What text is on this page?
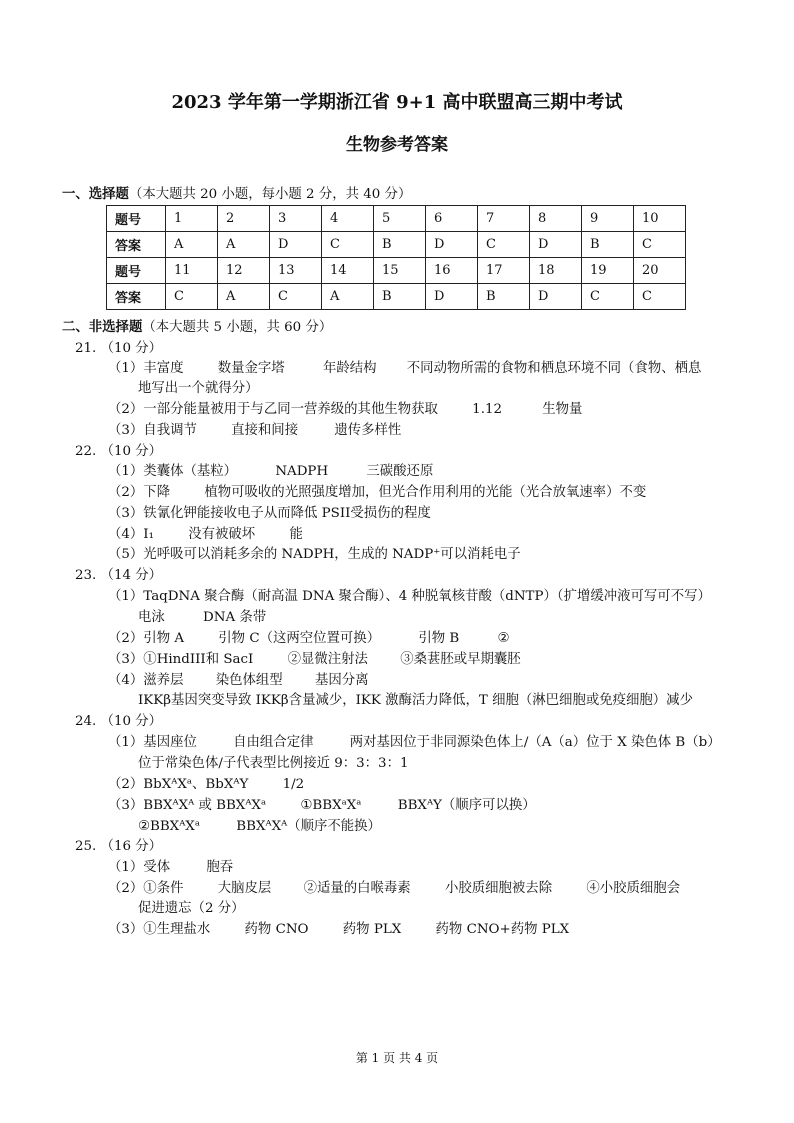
2023 学年第一学期浙江省 9+1 高中联盟高三期中考试
生物参考答案
一、选择题（本大题共 20 小题，每小题 2 分，共 40 分）
题号	1	2	3	4	5	6	7	8	9	10
答案	A	A	D	C	B	D	C	D	B	C
题号	11	12	13	14	15	16	17	18	19	20
答案	C	A	C	A	B	D	B	D	C	C
二、非选择题（本大题共 5 小题，共 60 分）
21. （10 分）
（1）丰富度	数量金字塔	年龄结构 不同动物所需的食物和栖息环境不同（食物、栖息
地写出一个就得分）
（2）一部分能量被用于与乙同一营养级的其他生物获取	1.12	生物量
（3）自我调节	直接和间接	遗传多样性
22. （10 分）
（1）类囊体（基粒）	NADPH	三碳酸还原
（2）下降	植物可吸收的光照强度增加，但光合作用利用的光能（光合放氧速率）不变
（3）铁氰化钾能接收电子从而降低 PSII受损伤的程度
（4）I₁	没有被破坏	能
（5）光呼吸可以消耗多余的 NADPH，生成的 NADP⁺可以消耗电子
23. （14 分）
（1）TaqDNA 聚合酶（耐高温 DNA 聚合酶）、4 种脱氧核苷酸（dNTP）（扩增缓冲液可写可不写）
电泳	DNA 条带
（2）引物 A	引物 C（这两空位置可换）	引物 B	②
（3）①HindIII和 SacI	②显微注射法 ③桑葚胚或早期囊胚
（4）滋养层 染色体组型 基因分离
IKKβ基因突变导致 IKKβ含量减少，IKK 激酶活力降低，T 细胞（淋巴细胞或免疫细胞）减少
24. （10 分）
（1）基因座位	自由组合定律	两对基因位于非同源染色体上/（A（a）位于 X 染色体 B（b）
位于常染色体/子代表型比例接近 9：3：3：1
（2）BbXᴬXᵃ、BbXᴬY	1/2
（3）BBXᴬXᴬ 或 BBXᴬXᵃ	①BBXᵃXᵃ	BBXᴬY（顺序可以换）
②BBXᴬXᵃ	BBXᴬXᴬ（顺序不能换）
25. （16 分）
（1）受体	胞吞
（2）①条件	大脑皮层 ②适量的白喉毒素	小胶质细胞被去除	④小胶质细胞会
促进遗忘（2 分）
（3）①生理盐水	药物 CNO	药物 PLX	药物 CNO+药物 PLX
第 1 页 共 4 页
